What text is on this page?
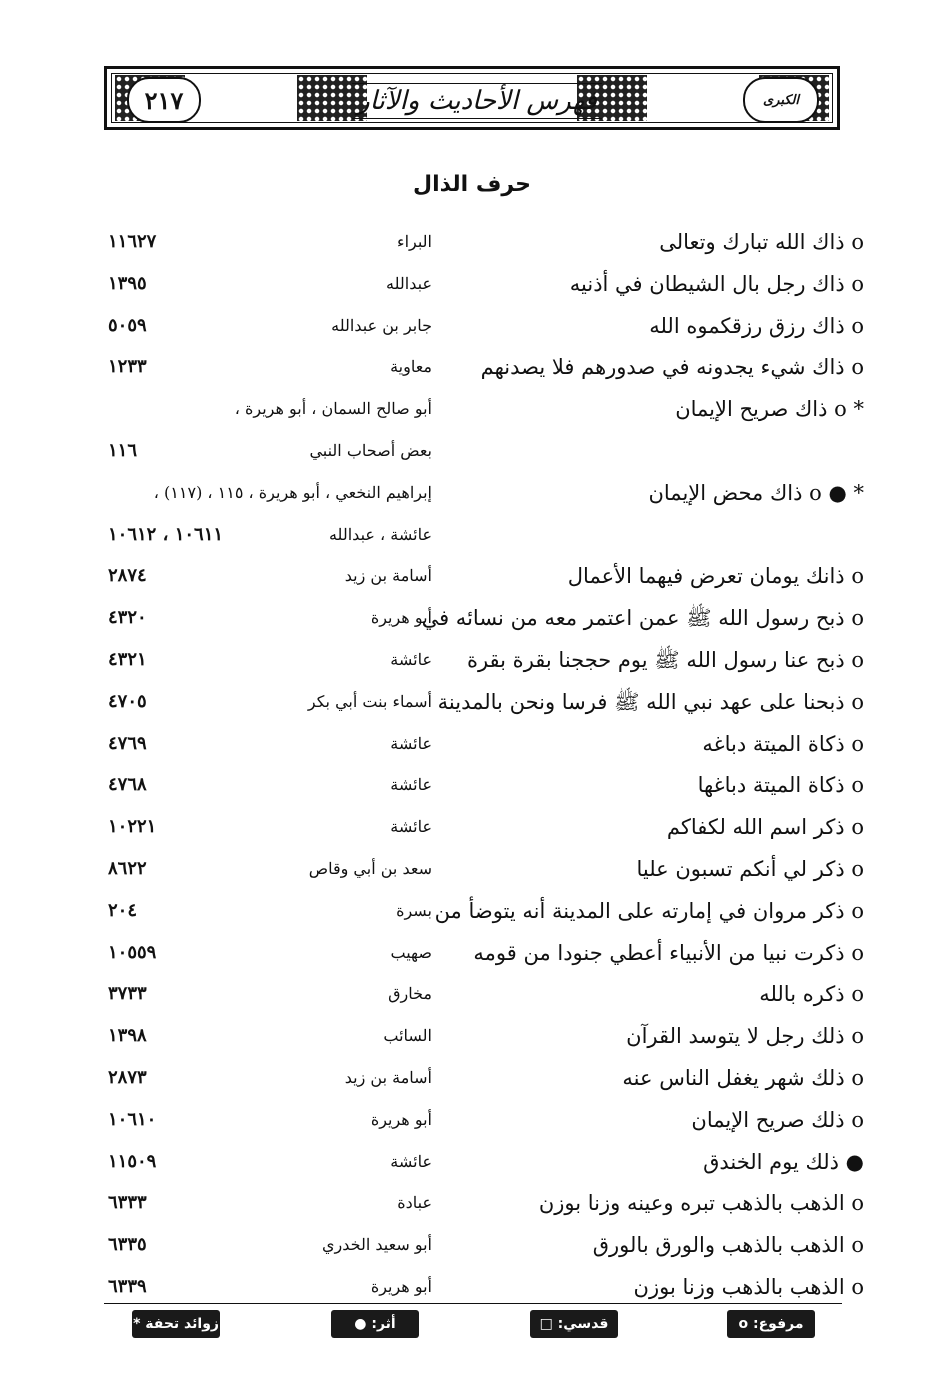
٢١٧	فهرس الأحاديث والآثار	الكبرى
حرف الذال
ο ذاك الله تبارك وتعالى
البراء
١١٦٢٧
ο ذاك رجل بال الشيطان في أذنيه
عبدالله
١٣٩٥
ο ذاك رزق رزقكموه الله
جابر بن عبدالله
٥٠٥٩
ο ذاك شيء يجدونه في صدورهم فلا يصدنهم
معاوية
١٢٣٣
* ο ذاك صريح الإيمان
أبو صالح السمان ، أبو هريرة ،
بعض أصحاب النبي
١١٦
* ● ο ذاك محض الإيمان
إبراهيم النخعي ، أبو هريرة ، ١١٥ ، (١١٧) ،
عائشة ، عبدالله
١٠٦١١ ، ١٠٦١٢
ο ذانك يومان تعرض فيهما الأعمال
أسامة بن زيد
٢٨٧٤
ο ذبح رسول الله ﷺ عمن اعتمر معه من نسائه في
أبو هريرة
٤٣٢٠
ο ذبح عنا رسول الله ﷺ يوم حججنا بقرة بقرة
عائشة
٤٣٢١
ο ذبحنا على عهد نبي الله ﷺ فرسا ونحن بالمدينة
أسماء بنت أبي بكر
٤٧٠٥
ο ذكاة الميتة دباغه
عائشة
٤٧٦٩
ο ذكاة الميتة دباغها
عائشة
٤٧٦٨
ο ذكر اسم الله لكفاكم
عائشة
١٠٢٢١
ο ذكر لي أنكم تسبون عليا
سعد بن أبي وقاص
٨٦٢٢
ο ذكر مروان في إمارته على المدينة أنه يتوضأ من
بسرة
٢٠٤
ο ذكرت نبيا من الأنبياء أعطي جنودا من قومه
صهيب
١٠٥٥٩
ο ذكره بالله
مخارق
٣٧٣٣
ο ذلك رجل لا يتوسد القرآن
السائب
١٣٩٨
ο ذلك شهر يغفل الناس عنه
أسامة بن زيد
٢٨٧٣
ο ذلك صريح الإيمان
أبو هريرة
١٠٦١٠
● ذلك يوم الخندق
عائشة
١١٥٠٩
ο الذهب بالذهب تبره وعينه وزنا بوزن
عبادة
٦٣٣٣
ο الذهب بالذهب والورق بالورق
أبو سعيد الخدري
٦٣٣٥
ο الذهب بالذهب وزنا بوزن
أبو هريرة
٦٣٣٩
مرفوع: ο
قدسي: □
أثر: ●
زوائد تحفة *
